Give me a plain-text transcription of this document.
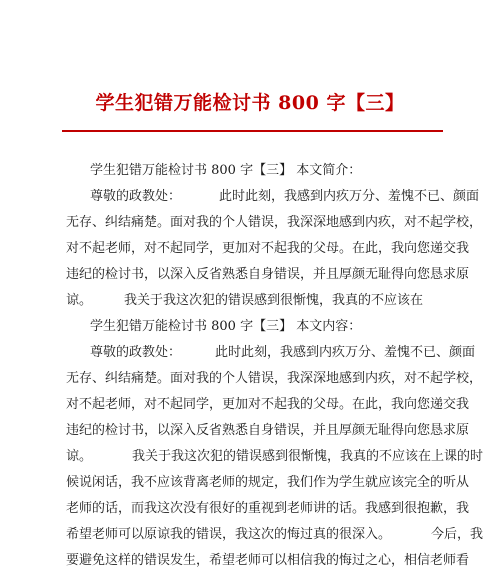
学生犯错万能检讨书 800 字【三】
学生犯错万能检讨书 800 字【三】 本文简介：
尊敬的政教处：	此时此刻，我感到内疚万分、羞愧不已、颜面
无存、纠结痛楚。面对我的个人错误，我深深地感到内疚，对不起学校，
对不起老师，对不起同学，更加对不起我的父母。在此，我向您递交我
违纪的检讨书，以深入反省熟悉自身错误，并且厚颜无耻得向您恳求原
谅。 我关于我这次犯的错误感到很惭愧，我真的不应该在
学生犯错万能检讨书 800 字【三】 本文内容：
尊敬的政教处：	此时此刻，我感到内疚万分、羞愧不已、颜面
无存、纠结痛楚。面对我的个人错误，我深深地感到内疚，对不起学校，
对不起老师，对不起同学，更加对不起我的父母。在此，我向您递交我
违纪的检讨书，以深入反省熟悉自身错误，并且厚颜无耻得向您恳求原
谅。	我关于我这次犯的错误感到很惭愧，我真的不应该在上课的时
候说闲话，我不应该背离老师的规定，我们作为学生就应该完全的听从
老师的话，而我这次没有很好的重视到老师讲的话。我感到很抱歉，我
希望老师可以原谅我的错误，我这次的悔过真的很深入。	今后，我
要避免这样的错误发生，希望老师可以相信我的悔过之心，相信老师看
